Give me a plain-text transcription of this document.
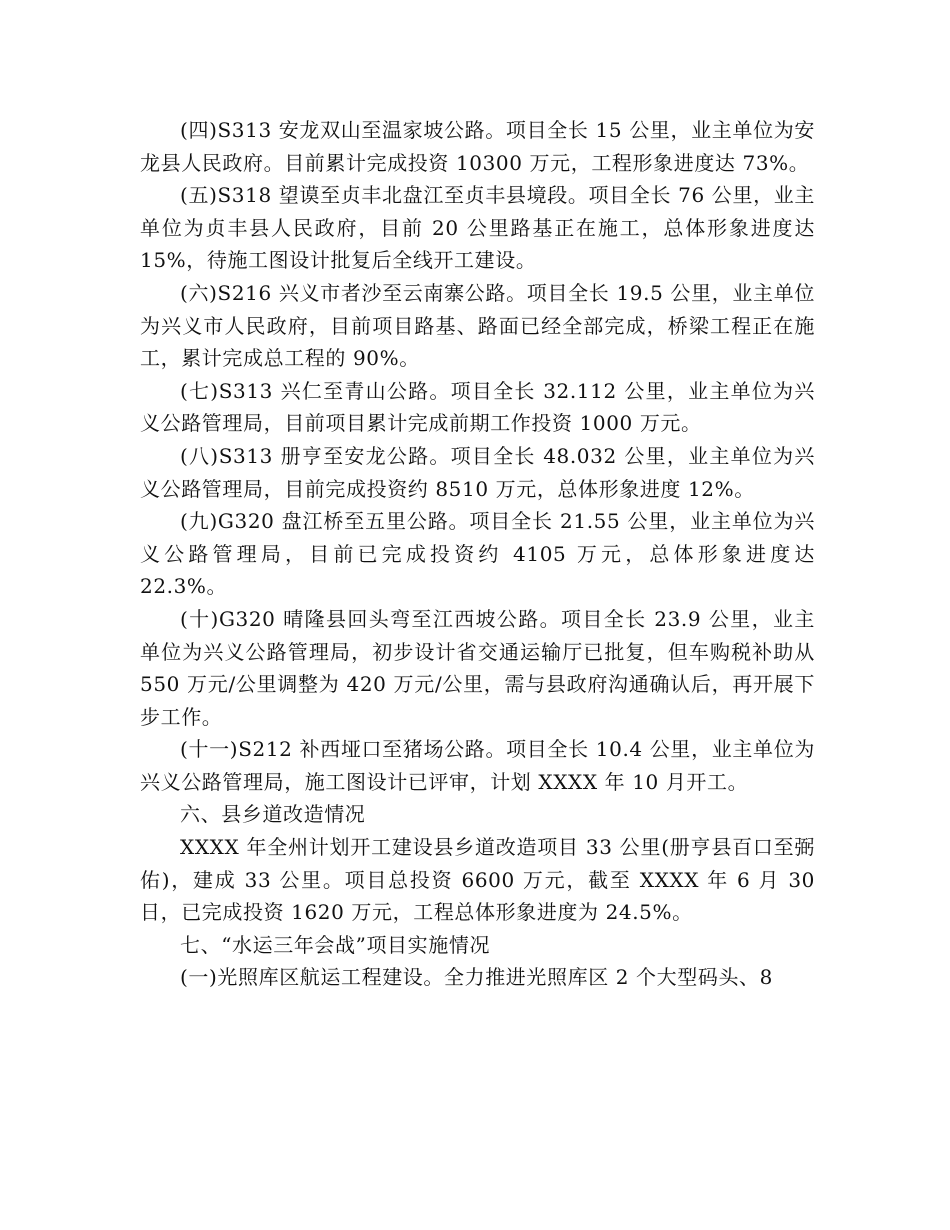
(四)S313 安龙双山至温家坡公路。项目全长 15 公里，业主单位为安龙县人民政府。目前累计完成投资 10300 万元，工程形象进度达 73%。

(五)S318 望谟至贞丰北盘江至贞丰县境段。项目全长 76 公里，业主单位为贞丰县人民政府，目前 20 公里路基正在施工，总体形象进度达 15%，待施工图设计批复后全线开工建设。

(六)S216 兴义市者沙至云南寨公路。项目全长 19.5 公里，业主单位为兴义市人民政府，目前项目路基、路面已经全部完成，桥梁工程正在施工，累计完成总工程的 90%。

(七)S313 兴仁至青山公路。项目全长 32.112 公里，业主单位为兴义公路管理局，目前项目累计完成前期工作投资 1000 万元。

(八)S313 册亨至安龙公路。项目全长 48.032 公里，业主单位为兴义公路管理局，目前完成投资约 8510 万元，总体形象进度 12%。

(九)G320 盘江桥至五里公路。项目全长 21.55 公里，业主单位为兴义公路管理局，目前已完成投资约 4105 万元，总体形象进度达 22.3%。

(十)G320 晴隆县回头弯至江西坡公路。项目全长 23.9 公里，业主单位为兴义公路管理局，初步设计省交通运输厅已批复，但车购税补助从 550 万元/公里调整为 420 万元/公里，需与县政府沟通确认后，再开展下步工作。

(十一)S212 补西垭口至猪场公路。项目全长 10.4 公里，业主单位为兴义公路管理局，施工图设计已评审，计划 XXXX 年 10 月开工。

六、县乡道改造情况

XXXX 年全州计划开工建设县乡道改造项目 33 公里(册亨县百口至弼佑)，建成 33 公里。项目总投资 6600 万元，截至 XXXX 年 6 月 30 日，已完成投资 1620 万元，工程总体形象进度为 24.5%。

七、“水运三年会战”项目实施情况

(一)光照库区航运工程建设。全力推进光照库区 2 个大型码头、8
